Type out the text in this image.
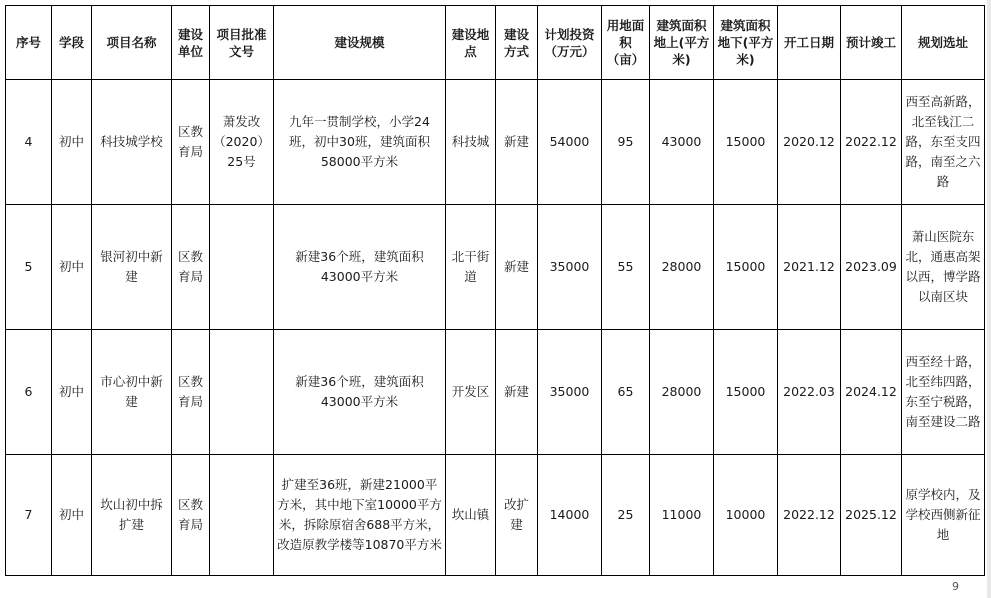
序号	学段	项目名称	建设单位	项目批准文号	建设规模	建设地点	建设方式	计划投资（万元）	用地面积（亩）	建筑面积地上(平方米)	建筑面积地下(平方米)	开工日期	预计竣工	规划选址
4	初中	科技城学校	区教育局	萧发改（2020）25号	九年一贯制学校，小学24班，初中30班，建筑面积58000平方米	科技城	新建	54000	95	43000	15000	2020.12	2022.12	西至高新路，北至钱江二路，东至支四路，南至之六路
5	初中	银河初中新建	区教育局		新建36个班，建筑面积43000平方米	北干街道	新建	35000	55	28000	15000	2021.12	2023.09	萧山医院东北，通惠高架以西，博学路以南区块
6	初中	市心初中新建	区教育局		新建36个班，建筑面积43000平方米	开发区	新建	35000	65	28000	15000	2022.03	2024.12	西至经十路，北至纬四路，东至宁税路，南至建设二路
7	初中	坎山初中拆扩建	区教育局		扩建至36班，新建21000平方米，其中地下室10000平方米，拆除原宿舍688平方米，改造原教学楼等10870平方米	坎山镇	改扩建	14000	25	11000	10000	2022.12	2025.12	原学校内，及学校西侧新征地
9
